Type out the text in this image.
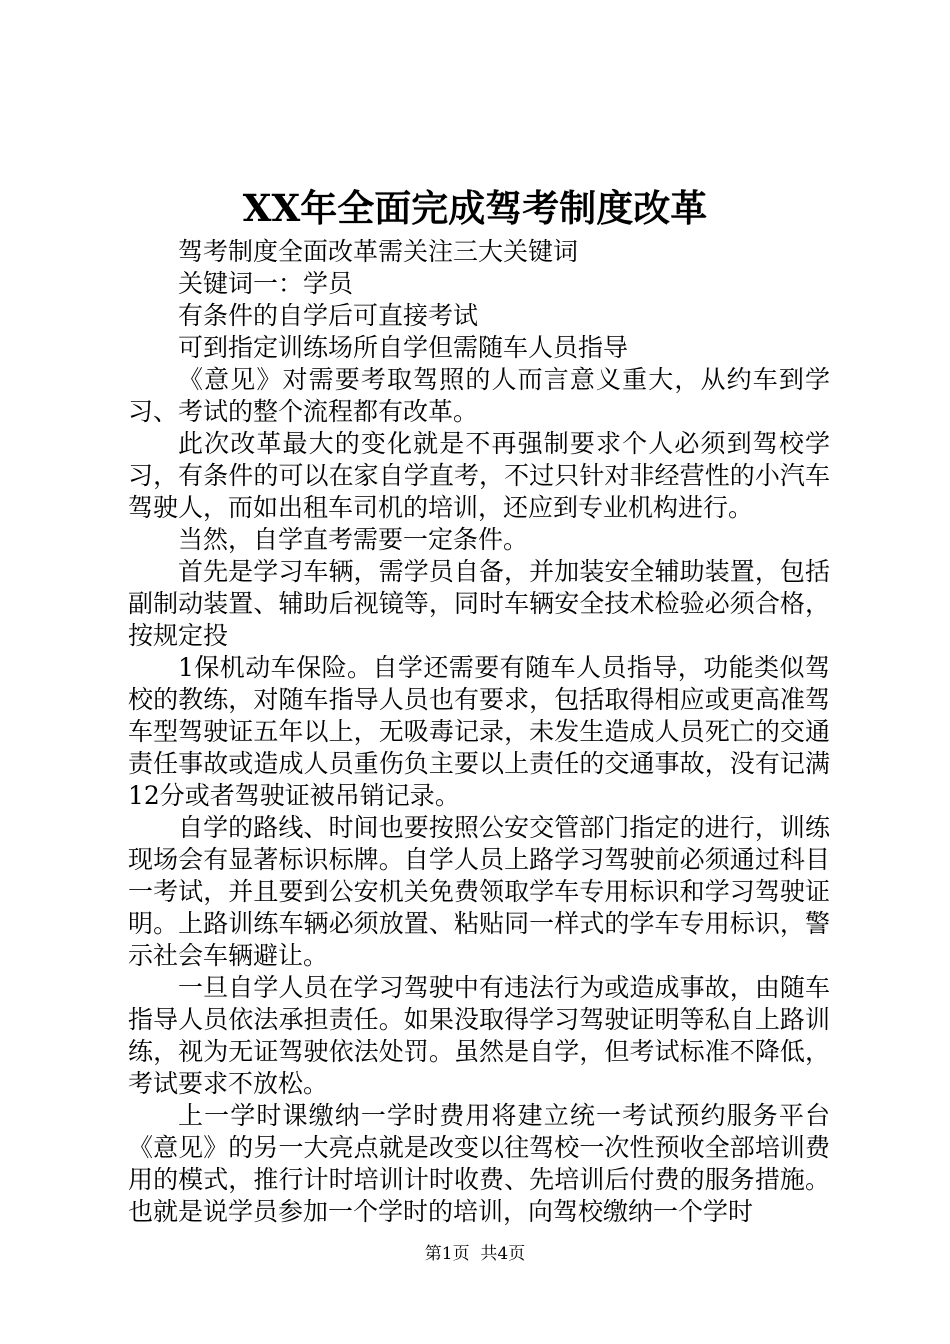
XX年全面完成驾考制度改革

驾考制度全面改革需关注三大关键词

关键词一：学员

有条件的自学后可直接考试

可到指定训练场所自学但需随车人员指导

《意见》对需要考取驾照的人而言意义重大，从约车到学习、考试的整个流程都有改革。

此次改革最大的变化就是不再强制要求个人必须到驾校学习，有条件的可以在家自学直考，不过只针对非经营性的小汽车驾驶人，而如出租车司机的培训，还应到专业机构进行。

当然，自学直考需要一定条件。

首先是学习车辆，需学员自备，并加装安全辅助装置，包括副制动装置、辅助后视镜等，同时车辆安全技术检验必须合格，按规定投

1保机动车保险。自学还需要有随车人员指导，功能类似驾校的教练，对随车指导人员也有要求，包括取得相应或更高准驾车型驾驶证五年以上，无吸毒记录，未发生造成人员死亡的交通责任事故或造成人员重伤负主要以上责任的交通事故，没有记满12分或者驾驶证被吊销记录。

自学的路线、时间也要按照公安交管部门指定的进行，训练现场会有显著标识标牌。自学人员上路学习驾驶前必须通过科目一考试，并且要到公安机关免费领取学车专用标识和学习驾驶证明。上路训练车辆必须放置、粘贴同一样式的学车专用标识，警示社会车辆避让。

一旦自学人员在学习驾驶中有违法行为或造成事故，由随车指导人员依法承担责任。如果没取得学习驾驶证明等私自上路训练，视为无证驾驶依法处罚。虽然是自学，但考试标准不降低，考试要求不放松。

上一学时课缴纳一学时费用将建立统一考试预约服务平台《意见》的另一大亮点就是改变以往驾校一次性预收全部培训费用的模式，推行计时培训计时收费、先培训后付费的服务措施。也就是说学员参加一个学时的培训，向驾校缴纳一个学时

第1页 共4页
